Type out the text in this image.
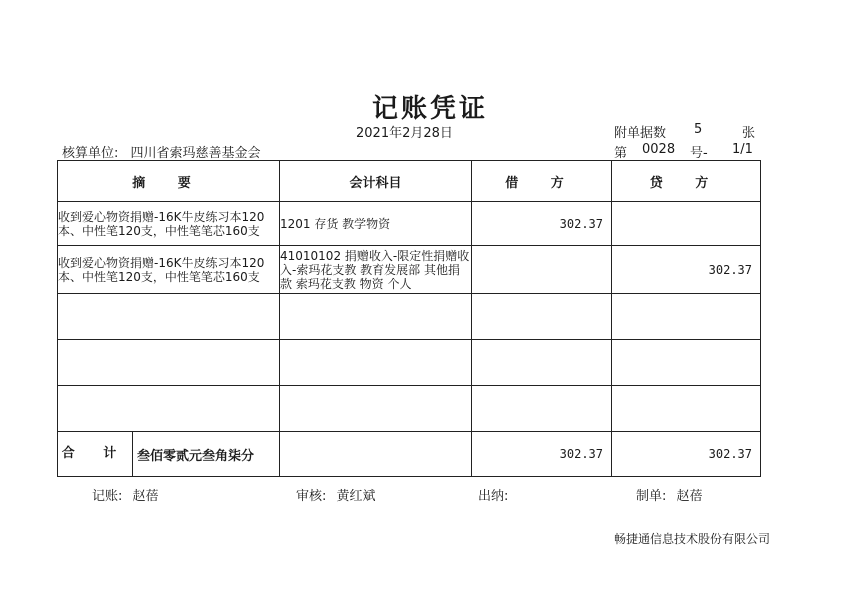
记账凭证
2021年2月28日	附单据数 5	张
核算单位: 四川省索玛慈善基金会	第 0028 号- 1/1
摘 要	会计科目	借 方	贷 方
收到爱心物资捐赠-16K牛皮练习本120本、中性笔120支，中性笔笔芯160支	1201 存货 教学物资	302.37	
收到爱心物资捐赠-16K牛皮练习本120本、中性笔120支，中性笔笔芯160支	41010102 捐赠收入-限定性捐赠收入-索玛花支教 教育发展部 其他捐款 索玛花支教 物资 个人		302.37

合 计 叁佰零贰元叁角柒分		302.37	302.37
记账: 赵蓓	审核: 黄红斌	出纳:	制单: 赵蓓
畅捷通信息技术股份有限公司
